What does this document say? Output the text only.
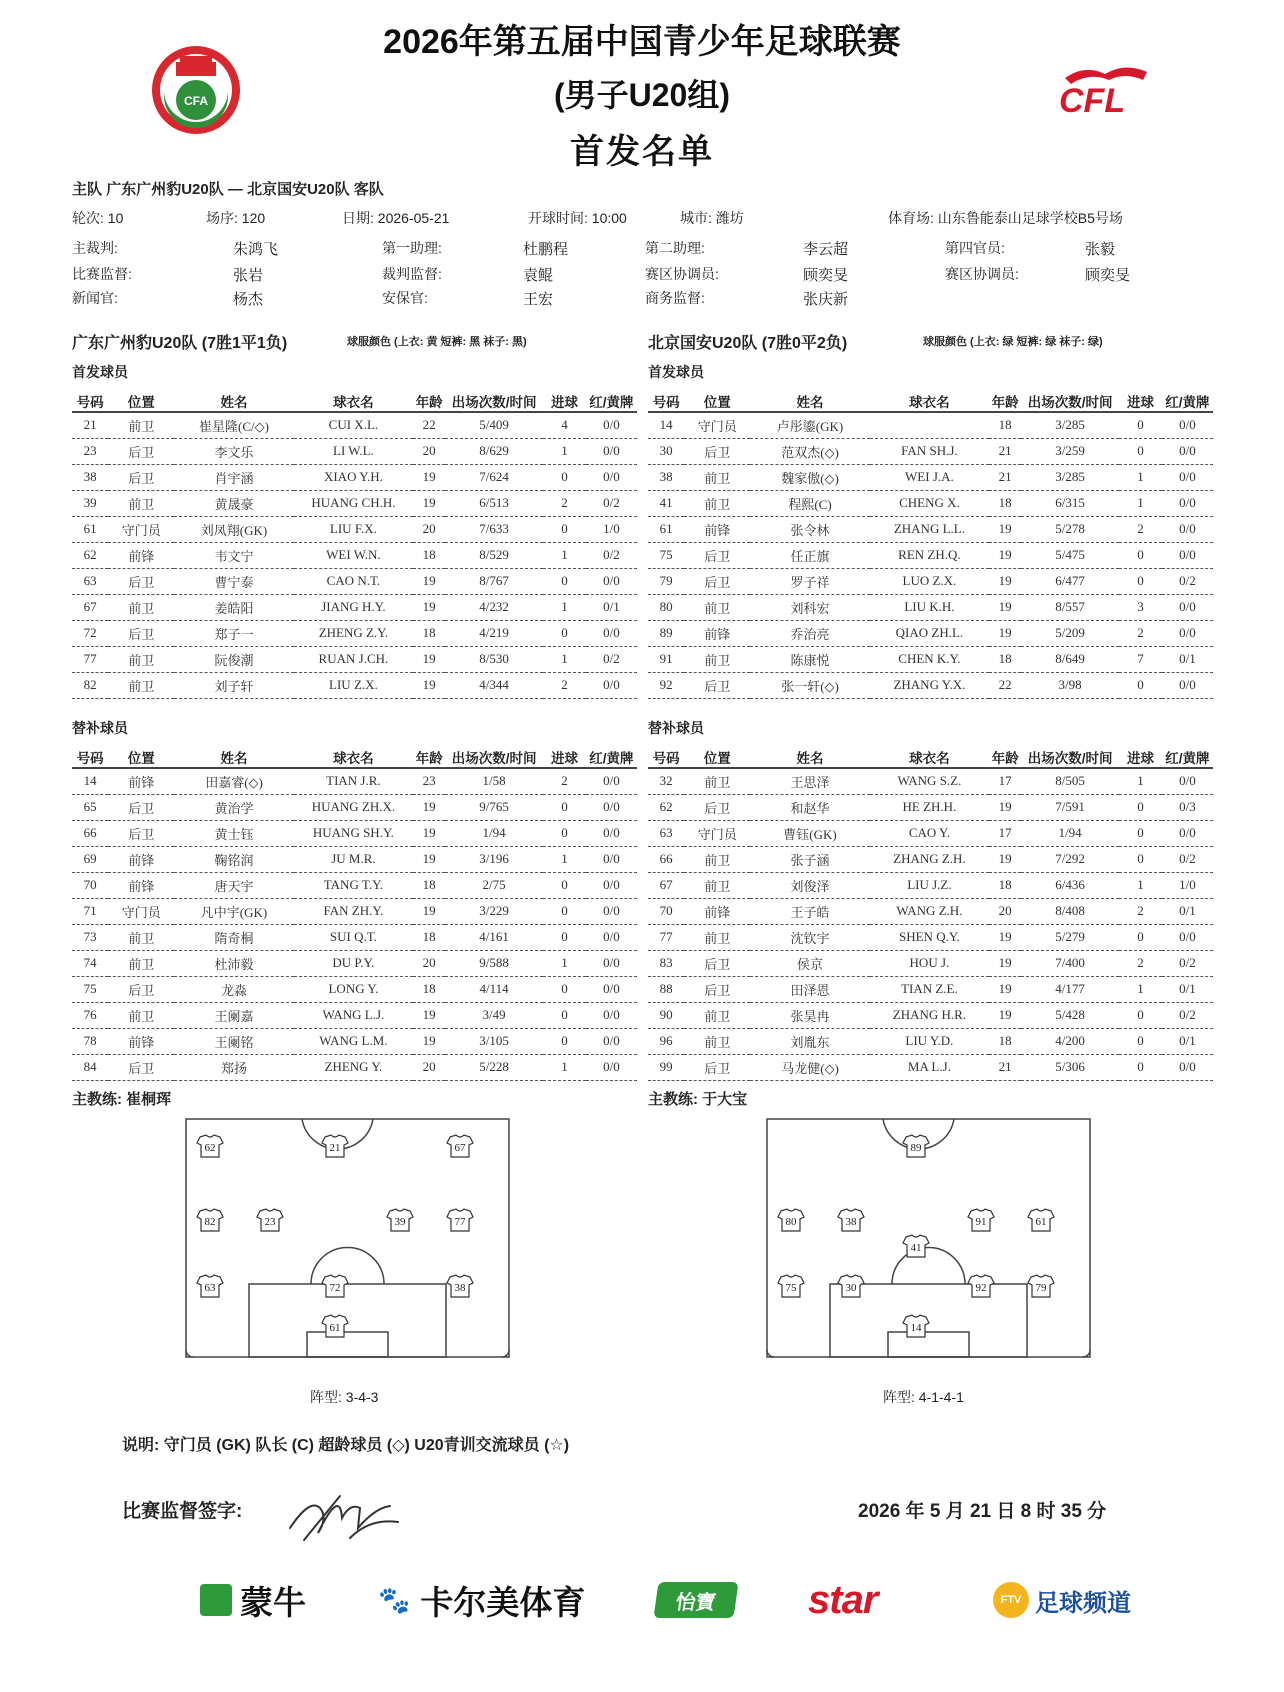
2026年第五届中国青少年足球联赛
(男子U20组)
首发名单
CFA	CFL
主队 广东广州豹U20队 — 北京国安U20队 客队
轮次: 10	场序: 120	日期: 2026-05-21	开球时间: 10:00	城市: 潍坊	体育场: 山东鲁能泰山足球学校B5号场
主裁判:	朱鸿飞	第一助理:	杜鹏程	第二助理:	李云超	第四官员:	张毅
比赛监督:	张岩	裁判监督:	袁鲲	赛区协调员:	顾奕旻	赛区协调员:	顾奕旻
新闻官:	杨杰	安保官:	王宏	商务监督:	张庆新
广东广州豹U20队 (7胜1平1负)	球服颜色 (上衣: 黄 短裤: 黑 袜子: 黑)
首发球员
号码	位置	姓名	球衣名	年龄	出场次数/时间	进球	红/黄牌
21	前卫	崔星隆(C/◇)	CUI X.L.	22	5/409	4	0/0
23	后卫	李文乐	LI W.L.	20	8/629	1	0/0
38	后卫	肖宇涵	XIAO Y.H.	19	7/624	0	0/0
39	前卫	黄晟豪	HUANG CH.H.	19	6/513	2	0/2
61	守门员	刘凤翔(GK)	LIU F.X.	20	7/633	0	1/0
62	前锋	韦文宁	WEI W.N.	18	8/529	1	0/2
63	后卫	曹宁泰	CAO N.T.	19	8/767	0	0/0
67	前卫	姜皓阳	JIANG H.Y.	19	4/232	1	0/1
72	后卫	郑子一	ZHENG Z.Y.	18	4/219	0	0/0
77	前卫	阮俊潮	RUAN J.CH.	19	8/530	1	0/2
82	前卫	刘子轩	LIU Z.X.	19	4/344	2	0/0
替补球员
号码	位置	姓名	球衣名	年龄	出场次数/时间	进球	红/黄牌
14	前锋	田嘉睿(◇)	TIAN J.R.	23	1/58	2	0/0
65	后卫	黄治学	HUANG ZH.X.	19	9/765	0	0/0
66	后卫	黄士钰	HUANG SH.Y.	19	1/94	0	0/0
69	前锋	鞠铭润	JU M.R.	19	3/196	1	0/0
70	前锋	唐天宇	TANG T.Y.	18	2/75	0	0/0
71	守门员	凡中宇(GK)	FAN ZH.Y.	19	3/229	0	0/0
73	前卫	隋奇桐	SUI Q.T.	18	4/161	0	0/0
74	前卫	杜沛毅	DU P.Y.	20	9/588	1	0/0
75	后卫	龙淼	LONG Y.	18	4/114	0	0/0
76	前卫	王阑嘉	WANG L.J.	19	3/49	0	0/0
78	前锋	王阑铭	WANG L.M.	19	3/105	0	0/0
84	后卫	郑扬	ZHENG Y.	20	5/228	1	0/0
北京国安U20队 (7胜0平2负)	球服颜色 (上衣: 绿 短裤: 绿 袜子: 绿)
首发球员
号码	位置	姓名	球衣名	年龄	出场次数/时间	进球	红/黄牌
14	守门员	卢彤鎏(GK)		18	3/285	0	0/0
30	后卫	范双杰(◇)	FAN SH.J.	21	3/259	0	0/0
38	前卫	魏家傲(◇)	WEI J.A.	21	3/285	1	0/0
41	前卫	程熙(C)	CHENG X.	18	6/315	1	0/0
61	前锋	张令林	ZHANG L.L.	19	5/278	2	0/0
75	后卫	任正旗	REN ZH.Q.	19	5/475	0	0/0
79	后卫	罗子祥	LUO Z.X.	19	6/477	0	0/2
80	前卫	刘科宏	LIU K.H.	19	8/557	3	0/0
89	前锋	乔治亮	QIAO ZH.L.	19	5/209	2	0/0
91	前卫	陈康悦	CHEN K.Y.	18	8/649	7	0/1
92	后卫	张一轩(◇)	ZHANG Y.X.	22	3/98	0	0/0
替补球员
号码	位置	姓名	球衣名	年龄	出场次数/时间	进球	红/黄牌
32	前卫	王思泽	WANG S.Z.	17	8/505	1	0/0
62	后卫	和赵华	HE ZH.H.	19	7/591	0	0/3
63	守门员	曹钰(GK)	CAO Y.	17	1/94	0	0/0
66	前卫	张子涵	ZHANG Z.H.	19	7/292	0	0/2
67	前卫	刘俊泽	LIU J.Z.	18	6/436	1	1/0
70	前锋	王子皓	WANG Z.H.	20	8/408	2	0/1
77	前卫	沈钦宇	SHEN Q.Y.	19	5/279	0	0/0
83	后卫	侯京	HOU J.	19	7/400	2	0/2
88	后卫	田泽恩	TIAN Z.E.	19	4/177	1	0/1
90	前卫	张昊冉	ZHANG H.R.	19	5/428	0	0/2
96	前卫	刘胤东	LIU Y.D.	18	4/200	0	0/1
99	后卫	马龙健(◇)	MA L.J.	21	5/306	0	0/0
主教练: 崔桐珲	主教练: 于大宝
62	21	67
82	23	39	77
63	72	38
61
89
80	38	91	61
41
75	30	92	79
14
阵型: 3-4-3	阵型: 4-1-4-1
说明: 守门员 (GK) 队长 (C) 超龄球员 (◇) U20青训交流球员 (☆)
比赛监督签字:	2026 年 5 月 21 日 8 时 35 分
蒙牛	🐾 卡尔美体育	怡寶	star	FTV 足球频道
